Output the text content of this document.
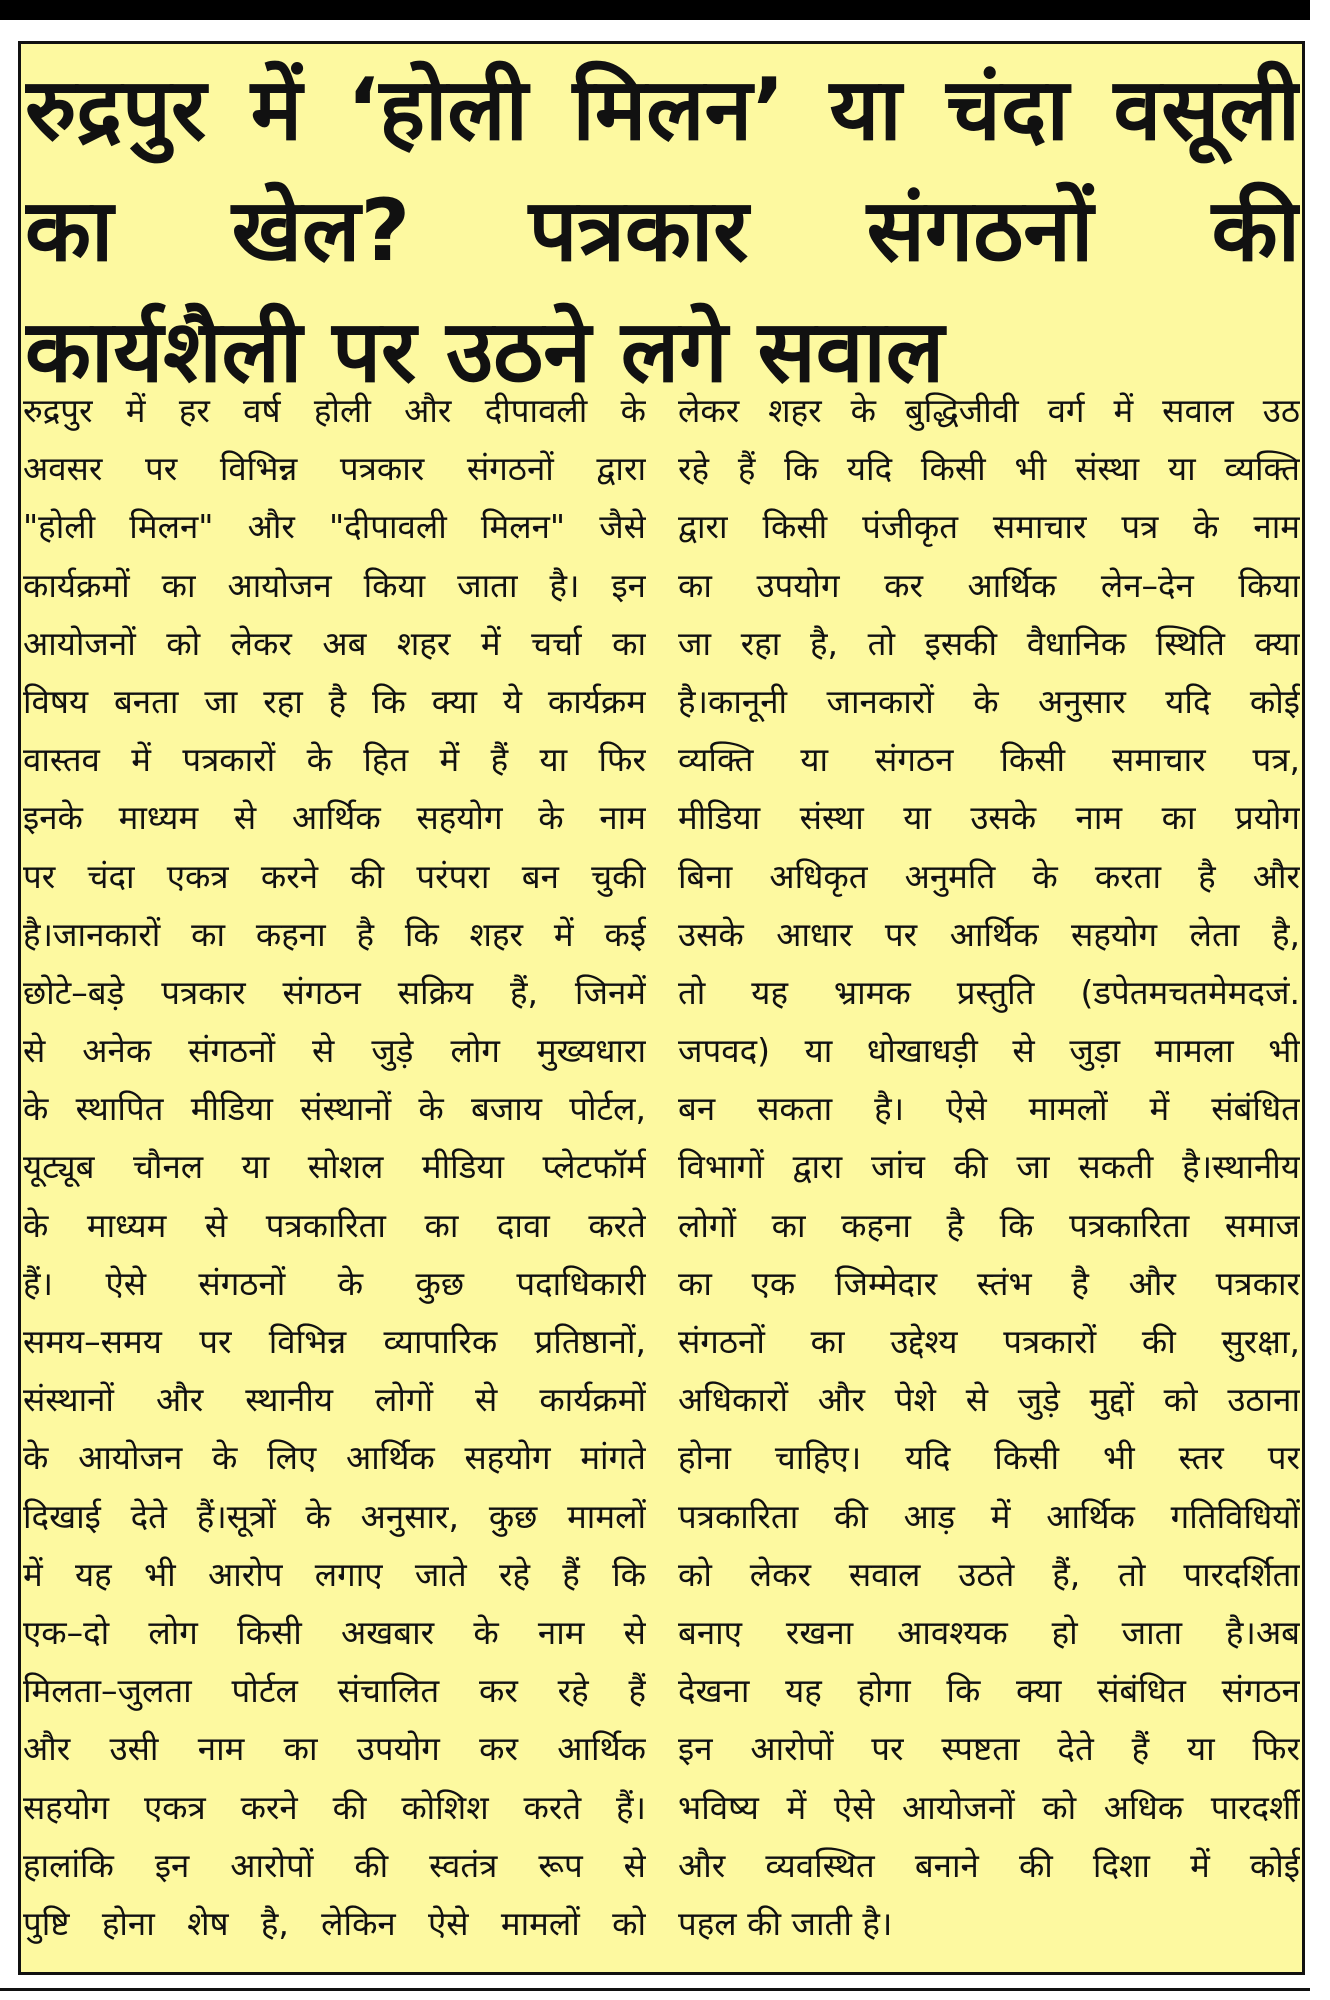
रुद्रपुर में ‘होली मिलन’ या चंदा वसूली
का खेल? पत्रकार संगठनों की
कार्यशैली पर उठने लगे सवाल
रुद्रपुर में हर वर्ष होली और दीपावली के
अवसर पर विभिन्न पत्रकार संगठनों द्वारा
"होली मिलन" और "दीपावली मिलन" जैसे
कार्यक्रमों का आयोजन किया जाता है। इन
आयोजनों को लेकर अब शहर में चर्चा का
विषय बनता जा रहा है कि क्या ये कार्यक्रम
वास्तव में पत्रकारों के हित में हैं या फिर
इनके माध्यम से आर्थिक सहयोग के नाम
पर चंदा एकत्र करने की परंपरा बन चुकी
है।जानकारों का कहना है कि शहर में कई
छोटे–बड़े पत्रकार संगठन सक्रिय हैं, जिनमें
से अनेक संगठनों से जुड़े लोग मुख्यधारा
के स्थापित मीडिया संस्थानों के बजाय पोर्टल,
यूट्यूब चौनल या सोशल मीडिया प्लेटफॉर्म
के माध्यम से पत्रकारिता का दावा करते
हैं। ऐसे संगठनों के कुछ पदाधिकारी
समय–समय पर विभिन्न व्यापारिक प्रतिष्ठानों,
संस्थानों और स्थानीय लोगों से कार्यक्रमों
के आयोजन के लिए आर्थिक सहयोग मांगते
दिखाई देते हैं।सूत्रों के अनुसार, कुछ मामलों
में यह भी आरोप लगाए जाते रहे हैं कि
एक–दो लोग किसी अखबार के नाम से
मिलता–जुलता पोर्टल संचालित कर रहे हैं
और उसी नाम का उपयोग कर आर्थिक
सहयोग एकत्र करने की कोशिश करते हैं।
हालांकि इन आरोपों की स्वतंत्र रूप से
पुष्टि होना शेष है, लेकिन ऐसे मामलों को
लेकर शहर के बुद्धिजीवी वर्ग में सवाल उठ
रहे हैं कि यदि किसी भी संस्था या व्यक्ति
द्वारा किसी पंजीकृत समाचार पत्र के नाम
का उपयोग कर आर्थिक लेन–देन किया
जा रहा है, तो इसकी वैधानिक स्थिति क्या
है।कानूनी जानकारों के अनुसार यदि कोई
व्यक्ति या संगठन किसी समाचार पत्र,
मीडिया संस्था या उसके नाम का प्रयोग
बिना अधिकृत अनुमति के करता है और
उसके आधार पर आर्थिक सहयोग लेता है,
तो यह भ्रामक प्रस्तुति (डपेतमचतमेमदजं.
जपवद) या धोखाधड़ी से जुड़ा मामला भी
बन सकता है। ऐसे मामलों में संबंधित
विभागों द्वारा जांच की जा सकती है।स्थानीय
लोगों का कहना है कि पत्रकारिता समाज
का एक जिम्मेदार स्तंभ है और पत्रकार
संगठनों का उद्देश्य पत्रकारों की सुरक्षा,
अधिकारों और पेशे से जुड़े मुद्दों को उठाना
होना चाहिए। यदि किसी भी स्तर पर
पत्रकारिता की आड़ में आर्थिक गतिविधियों
को लेकर सवाल उठते हैं, तो पारदर्शिता
बनाए रखना आवश्यक हो जाता है।अब
देखना यह होगा कि क्या संबंधित संगठन
इन आरोपों पर स्पष्टता देते हैं या फिर
भविष्य में ऐसे आयोजनों को अधिक पारदर्शी
और व्यवस्थित बनाने की दिशा में कोई
पहल की जाती है।
